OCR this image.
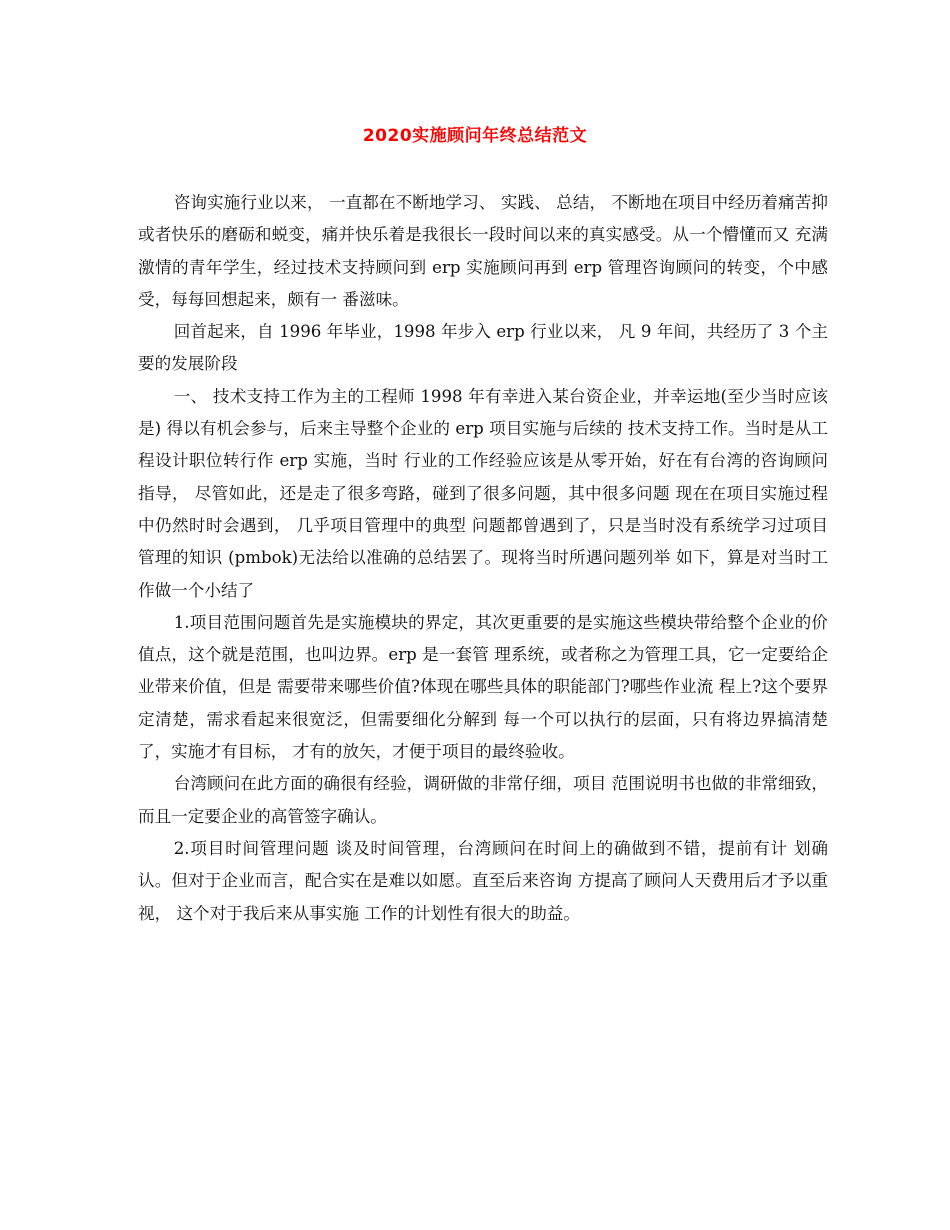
2020实施顾问年终总结范文

咨询实施行业以来， 一直都在不断地学习、 实践、 总结， 不断地在项目中经历着痛苦抑或者快乐的磨砺和蜕变，痛并快乐着是我很长一段时间以来的真实感受。从一个懵懂而又 充满激情的青年学生，经过技术支持顾问到 erp 实施顾问再到 erp 管理咨询顾问的转变，个中感受，每每回想起来，颇有一 番滋味。

回首起来，自 1996 年毕业，1998 年步入 erp 行业以来， 凡 9 年间，共经历了 3 个主要的发展阶段

一、 技术支持工作为主的工程师 1998 年有幸进入某台资企业，并幸运地(至少当时应该是) 得以有机会参与，后来主导整个企业的 erp 项目实施与后续的 技术支持工作。当时是从工程设计职位转行作 erp 实施，当时 行业的工作经验应该是从零开始，好在有台湾的咨询顾问指导， 尽管如此，还是走了很多弯路，碰到了很多问题，其中很多问题 现在在项目实施过程中仍然时时会遇到， 几乎项目管理中的典型 问题都曾遇到了，只是当时没有系统学习过项目管理的知识 (pmbok)无法给以准确的总结罢了。现将当时所遇问题列举 如下，算是对当时工作做一个小结了

1.项目范围问题首先是实施模块的界定，其次更重要的是实施这些模块带给整个企业的价值点，这个就是范围，也叫边界。erp 是一套管 理系统，或者称之为管理工具，它一定要给企业带来价值，但是 需要带来哪些价值?体现在哪些具体的职能部门?哪些作业流 程上?这个要界定清楚，需求看起来很宽泛，但需要细化分解到 每一个可以执行的层面，只有将边界搞清楚了，实施才有目标， 才有的放矢，才便于项目的最终验收。

台湾顾问在此方面的确很有经验，调研做的非常仔细，项目 范围说明书也做的非常细致，而且一定要企业的高管签字确认。

2.项目时间管理问题 谈及时间管理，台湾顾问在时间上的确做到不错，提前有计 划确认。但对于企业而言，配合实在是难以如愿。直至后来咨询 方提高了顾问人天费用后才予以重视， 这个对于我后来从事实施 工作的计划性有很大的助益。
